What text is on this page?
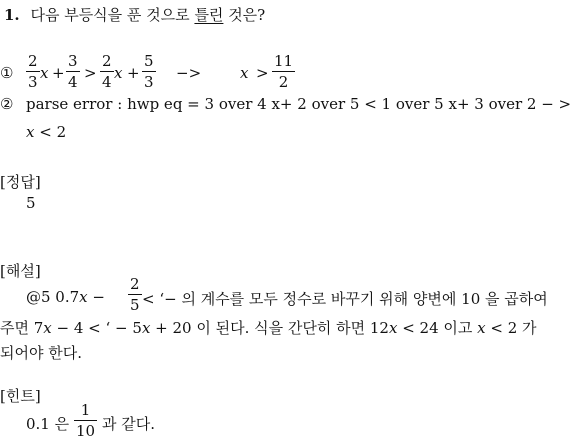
1. 다음 부등식을 푼 것으로 틀린 것은?
①
2
3 x +
3
4 >
2
4 x +
5
3 −>	x >
11
2
② parse error : hwp eq = 3 over 4 x+ 2 over 5 < 1 over 5 x+ 3 over 2 − >
x < 2
[정답]
5
[해설]
@5 0.7x −
2
5 < ‘− 의 계수를 모두 정수로 바꾸기 위해 양변에 10 을 곱하여
주면 7x − 4 < ‘ − 5x + 20 이 된다. 식을 간단히 하면 12x < 24 이고 x < 2 가
되어야 한다.
[힌트]
0.1 은
1
10 과 같다.
